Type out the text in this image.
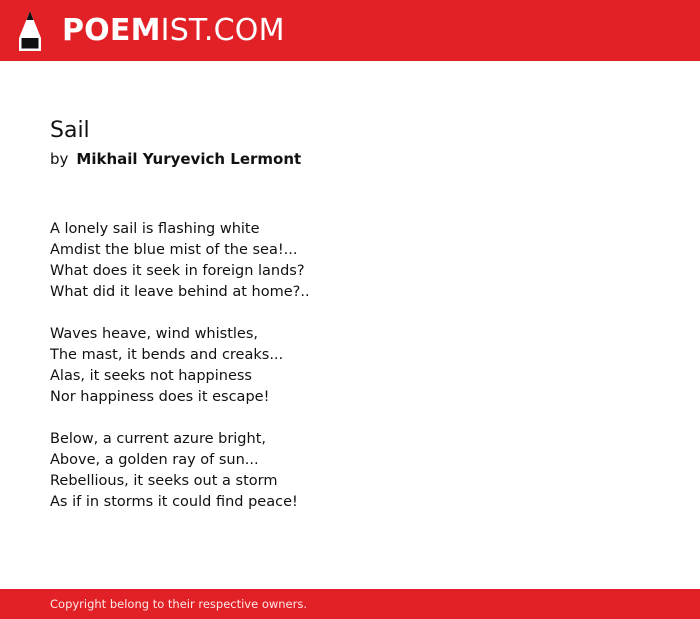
POEMIST.COM
Sail
by Mikhail Yuryevich Lermont

A lonely sail is flashing white
Amdist the blue mist of the sea!...
What does it seek in foreign lands?
What did it leave behind at home?..

Waves heave, wind whistles,
The mast, it bends and creaks...
Alas, it seeks not happiness
Nor happiness does it escape!

Below, a current azure bright,
Above, a golden ray of sun...
Rebellious, it seeks out a storm
As if in storms it could find peace!

Copyright belong to their respective owners.
